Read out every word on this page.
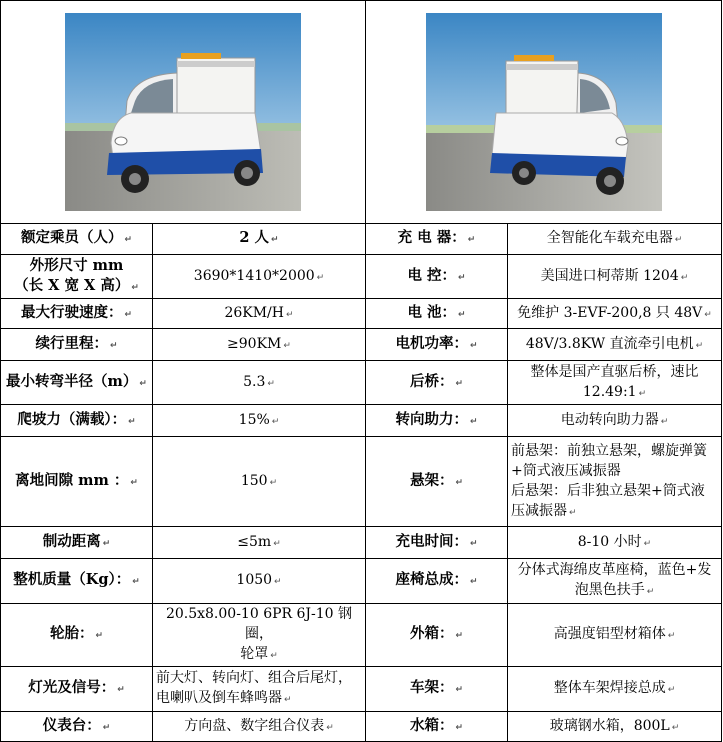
额定乘员（人） ↵	2 人 ↵	充 电 器： ↵	全智能化车载充电器 ↵
外形尺寸 mm
（长 X 宽 X 高） ↵	3690*1410*2000 ↵	电 控： ↵	美国进口柯蒂斯 1204 ↵
最大行驶速度： ↵	26KM/H ↵	电 池： ↵	免维护 3-EVF-200,8 只 48V ↵
续行里程： ↵	≥90KM ↵	电机功率： ↵	48V/3.8KW 直流牵引电机 ↵
最小转弯半径（m） ↵	5.3 ↵	后桥： ↵	整体是国产直驱后桥，速比
12.49:1 ↵
爬坡力（满载）： ↵	15% ↵	转向助力： ↵	电动转向助力器 ↵
离地间隙 mm ： ↵	150 ↵	悬架： ↵	前悬架：前独立悬架，螺旋弹簧
+筒式液压减振器
后悬架：后非独立悬架+筒式液
压减振器 ↵
制动距离 ↵	≤5m ↵	充电时间： ↵	8-10 小时 ↵
整机质量（Kg）： ↵	1050 ↵	座椅总成： ↵	分体式海绵皮革座椅，蓝色+发
泡黑色扶手 ↵
轮胎： ↵	20.5x8.00-10 6PR 6J-10 钢圈，
轮罩 ↵	外箱： ↵	高强度铝型材箱体 ↵
灯光及信号： ↵	前大灯、转向灯、组合后尾灯，
电喇叭及倒车蜂鸣器 ↵	车架： ↵	整体车架焊接总成 ↵
仪表台： ↵	方向盘、数字组合仪表 ↵	水箱： ↵	玻璃钢水箱，800L ↵
